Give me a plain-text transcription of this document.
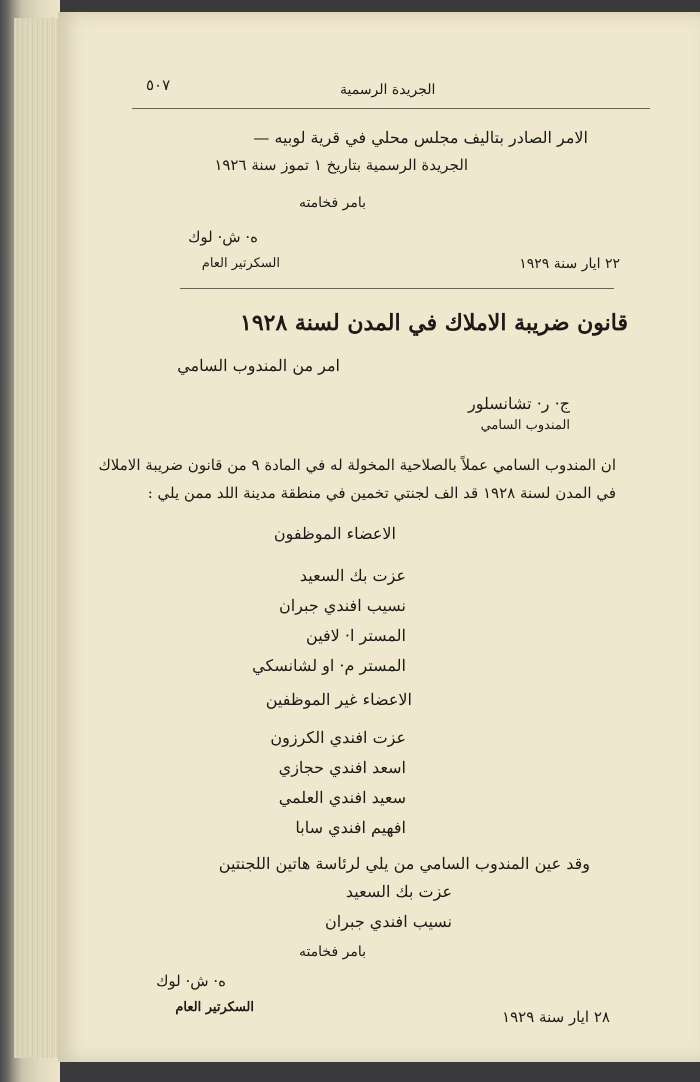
٥٠٧	الجريدة الرسمية
الامر الصادر بتاليف مجلس محلي في قرية لوبيه —
الجريدة الرسمية بتاريخ ١ تموز سنة ١٩٢٦
بامر فخامته
ه· ش· لوك
السكرتير العام	٢٢ ايار سنة ١٩٢٩
قانون ضريبة الاملاك في المدن لسنة ١٩٢٨
امر من المندوب السامي
ج· ر· تشانسلور
المندوب السامي
ان المندوب السامي عملاً بالصلاحية المخولة له في المادة ٩ من قانون ضريبة الاملاك
في المدن لسنة ١٩٢٨ قد الف لجنتي تخمين في منطقة مدينة اللد ممن يلي :
الاعضاء الموظفون
عزت بك السعيد
نسيب افندي جبران
المستر ا· لافين
المستر م· او لشانسكي
الاعضاء غير الموظفين
عزت افندي الكرزون
اسعد افندي حجازي
سعيد افندي العلمي
افهيم افندي سابا
وقد عين المندوب السامي من يلي لرئاسة هاتين اللجنتين
عزت بك السعيد
نسيب افندي جبران
بامر فخامته
ه· ش· لوك
السكرتير العام
٢٨ ايار سنة ١٩٢٩
